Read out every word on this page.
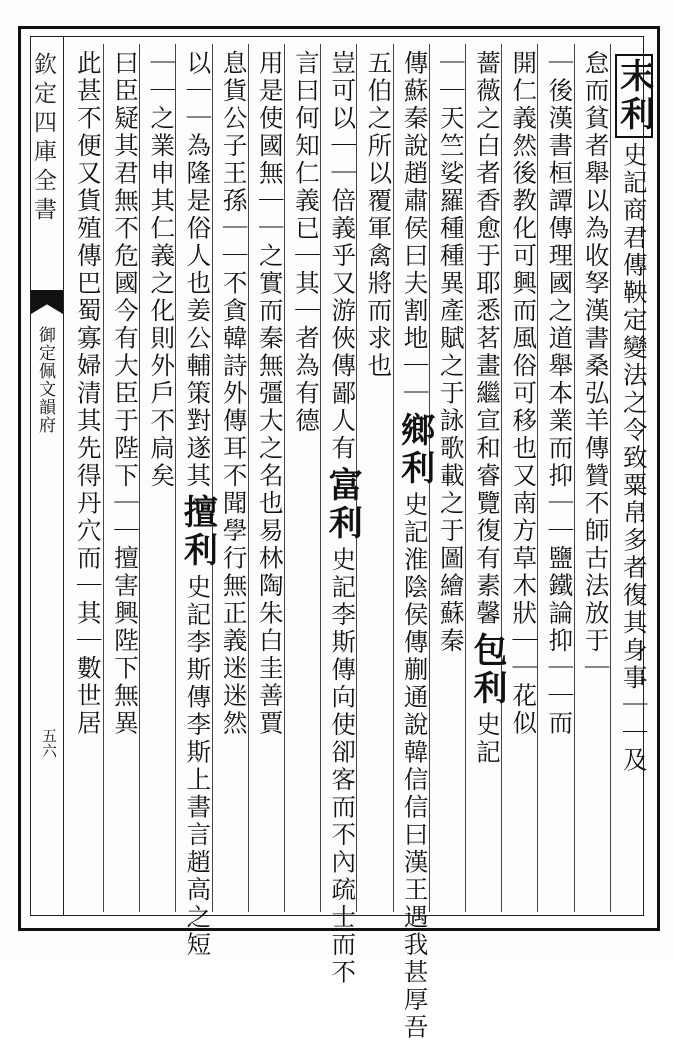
欽定四庫全書
御定佩文韻府
五六
末利史記商君傳鞅定變法之令致粟帛多者復其身事｜｜及
怠而貧者舉以為收孥漢書桑弘羊傳贊不師古法放于｜
｜後漢書桓譚傳理國之道舉本業而抑｜｜鹽鐵論抑｜｜而
開仁義然後教化可興而風俗可移也又南方草木狀｜｜花似
薔薇之白者香愈于耶悉茗畫繼宣和睿覽復有素馨包利史記
｜｜天竺娑羅種種異產賦之于詠歌載之于圖繪蘇秦
傳蘇秦說趙肅侯曰夫割地｜｜鄉利史記淮陰侯傳蒯通說韓信信曰漢王遇我甚厚吾
五伯之所以覆軍禽將而求也
豈可以｜｜倍義乎又游俠傳鄙人有富利史記李斯傳向使卻客而不內疏士而不
言曰何知仁義已｜其｜者為有德
用是使國無｜｜之實而秦無彊大之名也易林陶朱白圭善賈
息貨公子王孫｜｜不貪韓詩外傳耳不聞學行無正義迷迷然
以｜｜為隆是俗人也姜公輔策對遂其擅利史記李斯傳李斯上書言趙高之短
｜｜之業申其仁義之化則外戶不扃矣
曰臣疑其君無不危國今有大臣于陛下｜｜擅害興陛下無異
此甚不便又貨殖傳巴蜀寡婦清其先得丹穴而｜其｜數世居
